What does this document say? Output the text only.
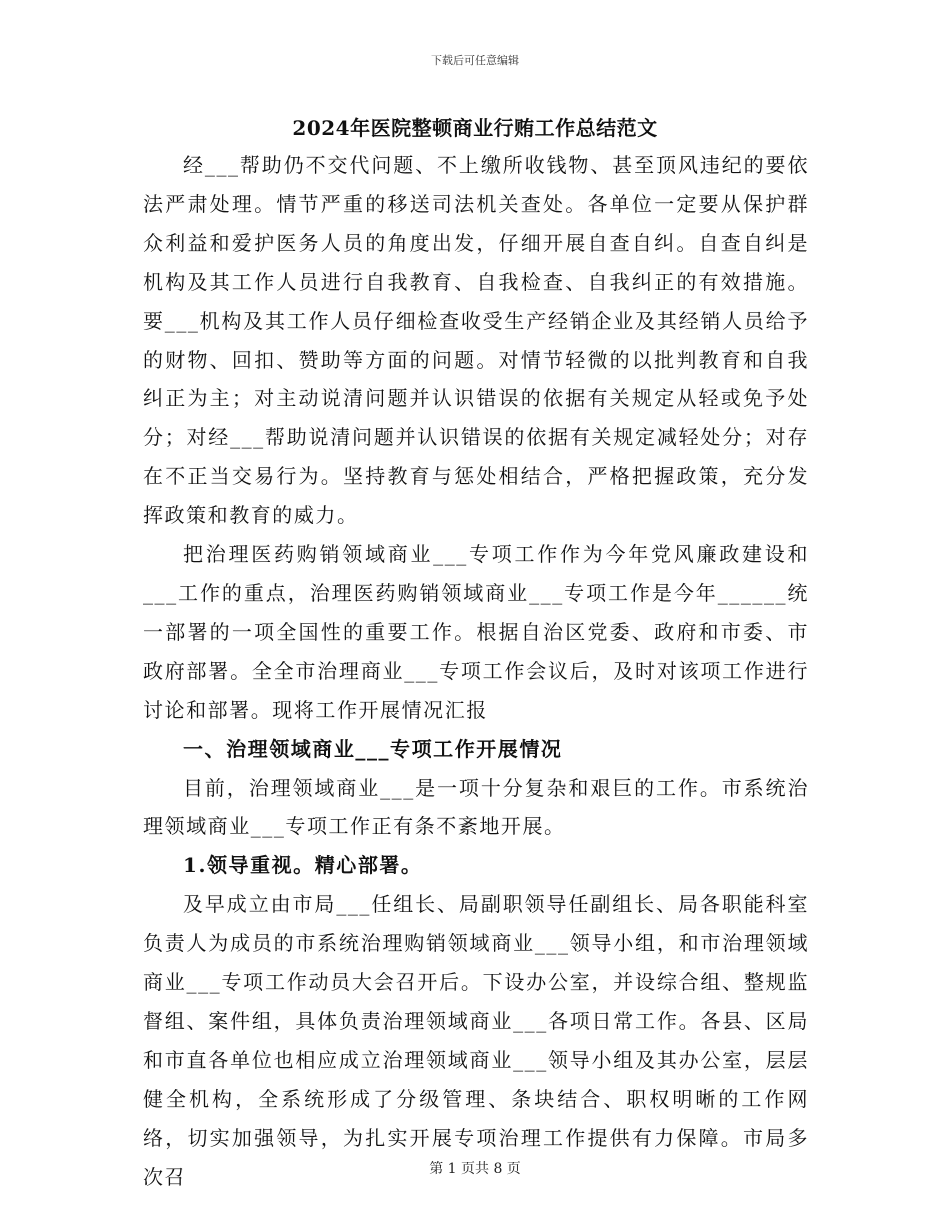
下载后可任意编辑
2024年医院整顿商业行贿工作总结范文

经___帮助仍不交代问题、不上缴所收钱物、甚至顶风违纪的要依法严肃处理。情节严重的移送司法机关查处。各单位一定要从保护群众利益和爱护医务人员的角度出发，仔细开展自查自纠。自查自纠是机构及其工作人员进行自我教育、自我检查、自我纠正的有效措施。要___机构及其工作人员仔细检查收受生产经销企业及其经销人员给予的财物、回扣、赞助等方面的问题。对情节轻微的以批判教育和自我纠正为主；对主动说清问题并认识错误的依据有关规定从轻或免予处分；对经___帮助说清问题并认识错误的依据有关规定减轻处分；对存在不正当交易行为。坚持教育与惩处相结合，严格把握政策，充分发挥政策和教育的威力。

把治理医药购销领域商业___专项工作作为今年党风廉政建设和___工作的重点，治理医药购销领域商业___专项工作是今年______统一部署的一项全国性的重要工作。根据自治区党委、政府和市委、市政府部署。全全市治理商业___专项工作会议后，及时对该项工作进行讨论和部署。现将工作开展情况汇报

一、治理领域商业___专项工作开展情况

目前，治理领域商业___是一项十分复杂和艰巨的工作。市系统治理领域商业___专项工作正有条不紊地开展。

1.领导重视。精心部署。

及早成立由市局___任组长、局副职领导任副组长、局各职能科室负责人为成员的市系统治理购销领域商业___领导小组，和市治理领域商业___专项工作动员大会召开后。下设办公室，并设综合组、整规监督组、案件组，具体负责治理领域商业___各项日常工作。各县、区局和市直各单位也相应成立治理领域商业___领导小组及其办公室，层层健全机构，全系统形成了分级管理、条块结合、职权明晰的工作网络，切实加强领导，为扎实开展专项治理工作提供有力保障。市局多次召	第 1 页共 8 页
